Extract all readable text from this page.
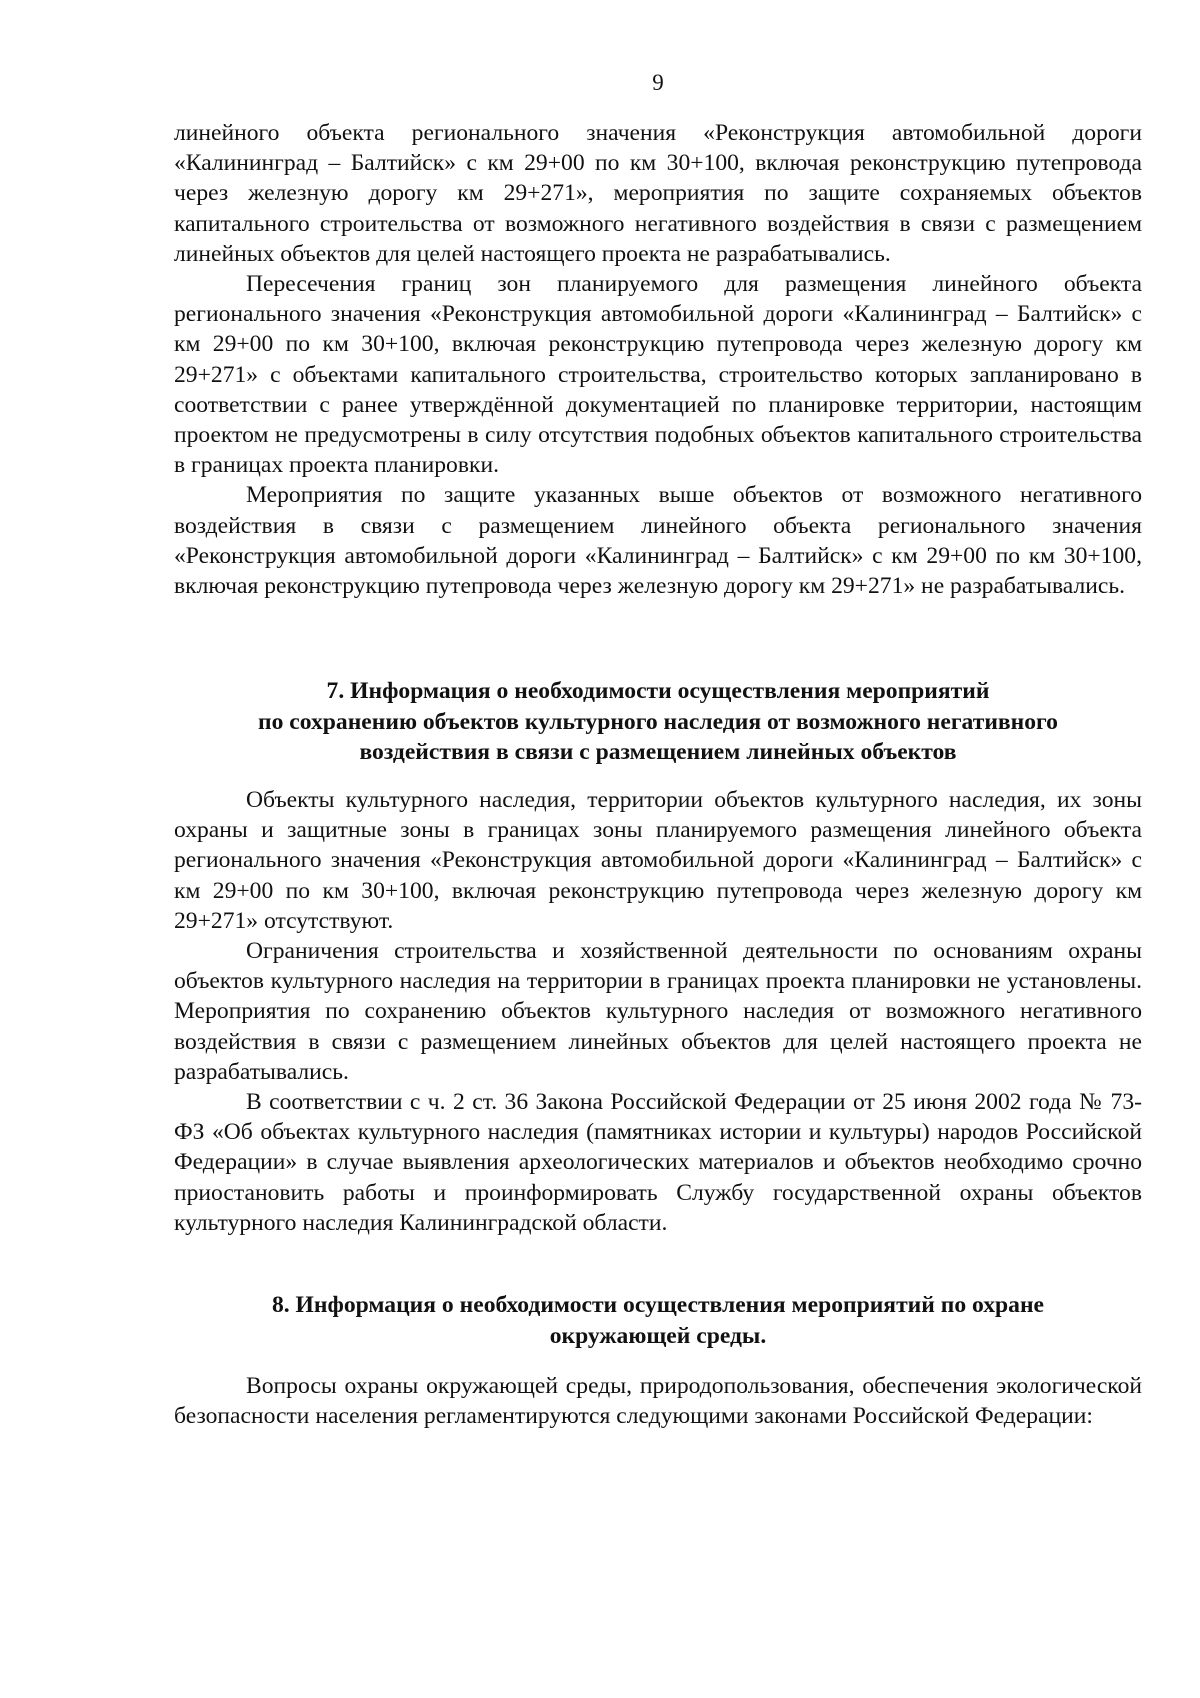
9

линейного объекта регионального значения «Реконструкция автомобильной дороги «Калининград – Балтийск» с км 29+00 по км 30+100, включая реконструкцию путепровода через железную дорогу км 29+271», мероприятия по защите сохраняемых объектов капитального строительства от возможного негативного воздействия в связи с размещением линейных объектов для целей настоящего проекта не разрабатывались.

Пересечения границ зон планируемого для размещения линейного объекта регионального значения «Реконструкция автомобильной дороги «Калининград – Балтийск» с км 29+00 по км 30+100, включая реконструкцию путепровода через железную дорогу км 29+271» с объектами капитального строительства, строительство которых запланировано в соответствии с ранее утверждённой документацией по планировке территории, настоящим проектом не предусмотрены в силу отсутствия подобных объектов капитального строительства в границах проекта планировки.

Мероприятия по защите указанных выше объектов от возможного негативного воздействия в связи с размещением линейного объекта регионального значения «Реконструкция автомобильной дороги «Калининград – Балтийск» с км 29+00 по км 30+100, включая реконструкцию путепровода через железную дорогу км 29+271» не разрабатывались.

7. Информация о необходимости осуществления мероприятий

по сохранению объектов культурного наследия от возможного негативного

воздействия в связи с размещением линейных объектов

Объекты культурного наследия, территории объектов культурного наследия, их зоны охраны и защитные зоны в границах зоны планируемого размещения линейного объекта регионального значения «Реконструкция автомобильной дороги «Калининград – Балтийск» с км 29+00 по км 30+100, включая реконструкцию путепровода через железную дорогу км 29+271» отсутствуют.

Ограничения строительства и хозяйственной деятельности по основаниям охраны объектов культурного наследия на территории в границах проекта планировки не установлены. Мероприятия по сохранению объектов культурного наследия от возможного негативного воздействия в связи с размещением линейных объектов для целей настоящего проекта не разрабатывались.

В соответствии с ч. 2 ст. 36 Закона Российской Федерации от 25 июня 2002 года № 73-ФЗ «Об объектах культурного наследия (памятниках истории и культуры) народов Российской Федерации» в случае выявления археологических материалов и объектов необходимо срочно приостановить работы и проинформировать Службу государственной охраны объектов культурного наследия Калининградской области.

8. Информация о необходимости осуществления мероприятий по охране

окружающей среды.

Вопросы охраны окружающей среды, природопользования, обеспечения экологической безопасности населения регламентируются следующими законами Российской Федерации:
